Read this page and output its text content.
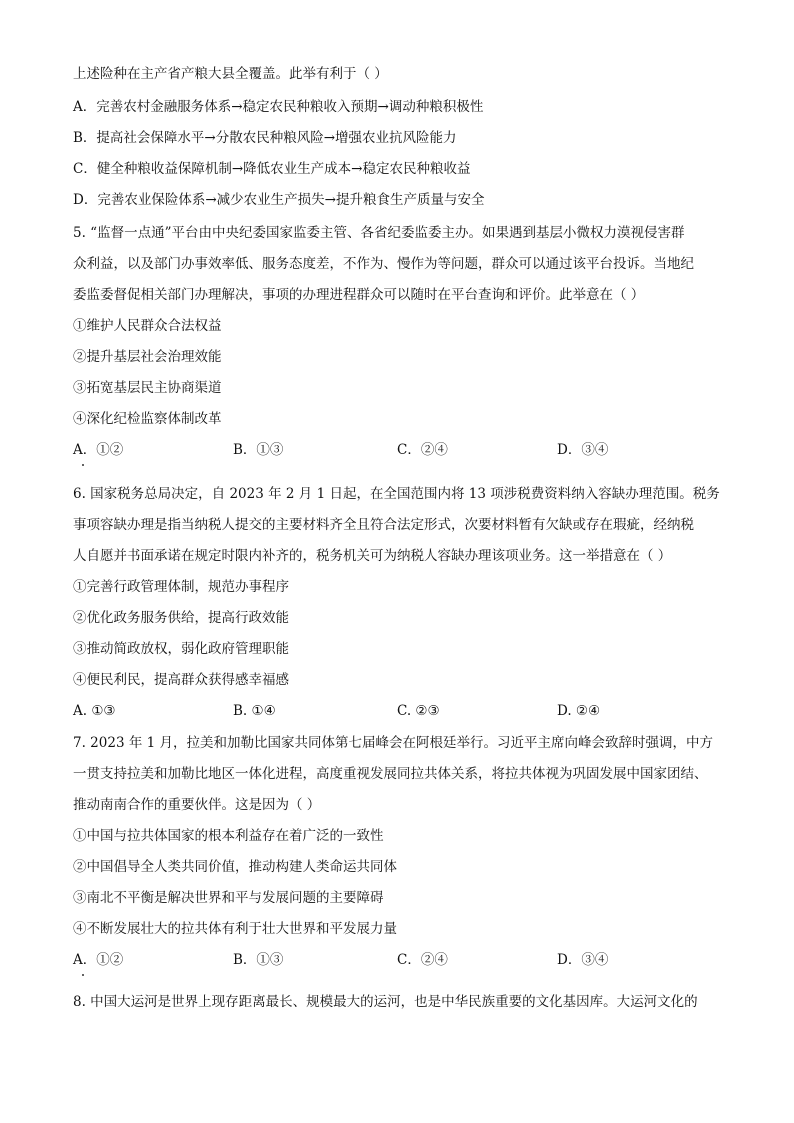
上述险种在主产省产粮大县全覆盖。此举有利于（ ）
A．完善农村金融服务体系→稳定农民种粮收入预期→调动种粮积极性
B．提高社会保障水平→分散农民种粮风险→增强农业抗风险能力
C．健全种粮收益保障机制→降低农业生产成本→稳定农民种粮收益
D．完善农业保险体系→减少农业生产损失→提升粮食生产质量与安全
5. “监督一点通”平台由中央纪委国家监委主管、各省纪委监委主办。如果遇到基层小微权力漠视侵害群
众利益，以及部门办事效率低、服务态度差，不作为、慢作为等问题，群众可以通过该平台投诉。当地纪
委监委督促相关部门办理解决，事项的办理进程群众可以随时在平台查询和评价。此举意在（ ）
①维护人民群众合法权益
②提升基层社会治理效能
③拓宽基层民主协商渠道
④深化纪检监察体制改革
A．①②	B．①③	C．②④	D．③④
6. 国家税务总局决定，自 2023 年 2 月 1 日起，在全国范围内将 13 项涉税费资料纳入容缺办理范围。税务
事项容缺办理是指当纳税人提交的主要材料齐全且符合法定形式，次要材料暂有欠缺或存在瑕疵，经纳税
人自愿并书面承诺在规定时限内补齐的，税务机关可为纳税人容缺办理该项业务。这一举措意在（ ）
①完善行政管理体制，规范办事程序
②优化政务服务供给，提高行政效能
③推动简政放权，弱化政府管理职能
④便民利民，提高群众获得感幸福感
A. ①③	B. ①④	C. ②③	D. ②④
7. 2023 年 1 月，拉美和加勒比国家共同体第七届峰会在阿根廷举行。习近平主席向峰会致辞时强调，中方
一贯支持拉美和加勒比地区一体化进程，高度重视发展同拉共体关系，将拉共体视为巩固发展中国家团结、
推动南南合作的重要伙伴。这是因为（ ）
①中国与拉共体国家的根本利益存在着广泛的一致性
②中国倡导全人类共同价值，推动构建人类命运共同体
③南北不平衡是解决世界和平与发展问题的主要障碍
④不断发展壮大的拉共体有利于壮大世界和平发展力量
A．①②	B．①③	C．②④	D．③④
8. 中国大运河是世界上现存距离最长、规模最大的运河，也是中华民族重要的文化基因库。大运河文化的
